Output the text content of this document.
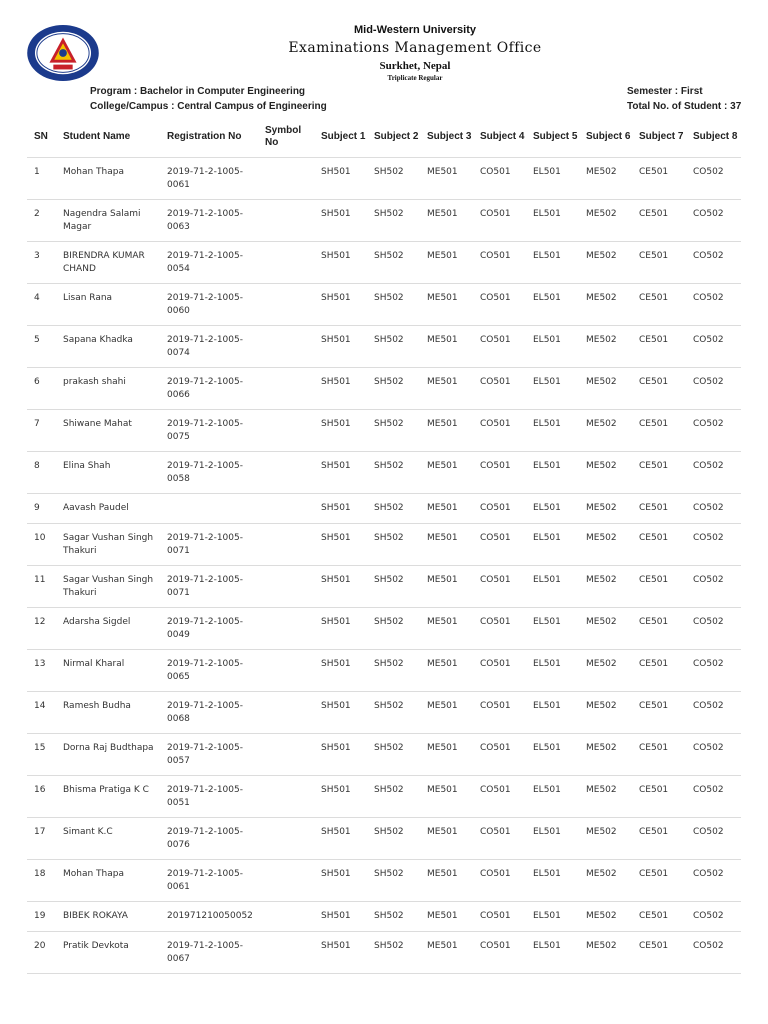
Mid-Western University
Examinations Management Office
Surkhet, Nepal
Triplicate Regular
Program : Bachelor in Computer Engineering
College/Campus : Central Campus of Engineering
Semester : First
Total No. of Student : 37
SN	Student Name	Registration No	Symbol No	Subject 1	Subject 2	Subject 3	Subject 4	Subject 5	Subject 6	Subject 7	Subject 8
1	Mohan Thapa	2019-71-2-1005-0061		SH501	SH502	ME501	CO501	EL501	ME502	CE501	CO502
2	Nagendra Salami Magar	2019-71-2-1005-0063		SH501	SH502	ME501	CO501	EL501	ME502	CE501	CO502
3	BIRENDRA KUMAR CHAND	2019-71-2-1005-0054		SH501	SH502	ME501	CO501	EL501	ME502	CE501	CO502
4	Lisan Rana	2019-71-2-1005-0060		SH501	SH502	ME501	CO501	EL501	ME502	CE501	CO502
5	Sapana Khadka	2019-71-2-1005-0074		SH501	SH502	ME501	CO501	EL501	ME502	CE501	CO502
6	prakash shahi	2019-71-2-1005-0066		SH501	SH502	ME501	CO501	EL501	ME502	CE501	CO502
7	Shiwane Mahat	2019-71-2-1005-0075		SH501	SH502	ME501	CO501	EL501	ME502	CE501	CO502
8	Elina Shah	2019-71-2-1005-0058		SH501	SH502	ME501	CO501	EL501	ME502	CE501	CO502
9	Aavash Paudel			SH501	SH502	ME501	CO501	EL501	ME502	CE501	CO502
10	Sagar Vushan Singh Thakuri	2019-71-2-1005-0071		SH501	SH502	ME501	CO501	EL501	ME502	CE501	CO502
11	Sagar Vushan Singh Thakuri	2019-71-2-1005-0071		SH501	SH502	ME501	CO501	EL501	ME502	CE501	CO502
12	Adarsha Sigdel	2019-71-2-1005-0049		SH501	SH502	ME501	CO501	EL501	ME502	CE501	CO502
13	Nirmal Kharal	2019-71-2-1005-0065		SH501	SH502	ME501	CO501	EL501	ME502	CE501	CO502
14	Ramesh Budha	2019-71-2-1005-0068		SH501	SH502	ME501	CO501	EL501	ME502	CE501	CO502
15	Dorna Raj Budthapa	2019-71-2-1005-0057		SH501	SH502	ME501	CO501	EL501	ME502	CE501	CO502
16	Bhisma Pratiga K C	2019-71-2-1005-0051		SH501	SH502	ME501	CO501	EL501	ME502	CE501	CO502
17	Simant K.C	2019-71-2-1005-0076		SH501	SH502	ME501	CO501	EL501	ME502	CE501	CO502
18	Mohan Thapa	2019-71-2-1005-0061		SH501	SH502	ME501	CO501	EL501	ME502	CE501	CO502
19	BIBEK ROKAYA	201971210050052		SH501	SH502	ME501	CO501	EL501	ME502	CE501	CO502
20	Pratik Devkota	2019-71-2-1005-0067		SH501	SH502	ME501	CO501	EL501	ME502	CE501	CO502
